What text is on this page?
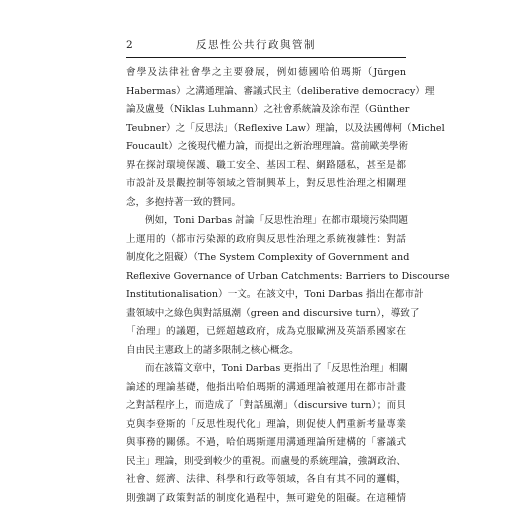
2	反思性公共行政與管制
會學及法律社會學之主要發展，例如德國哈伯瑪斯（Jürgen
Habermas）之溝通理論、審議式民主（deliberative democracy）理
論及盧曼（Niklas Luhmann）之社會系統論及涂布涅（Günther
Teubner）之「反思法」（Reflexive Law）理論，以及法國傅柯（Michel
Foucault）之後現代權力論，而提出之新治理理論。當前歐美學術
界在探討環境保護、職工安全、基因工程、網路隱私，甚至是都
市設計及景觀控制等領域之管制興革上，對反思性治理之相關理
念，多抱持著一致的贊同。
例如，Toni Darbas 討論「反思性治理」在都市環境污染問題
上運用的（都市污染源的政府與反思性治理之系統複雜性：對話
制度化之阻礙）（The System Complexity of Government and
Reflexive Governance of Urban Catchments: Barriers to Discourse
Institutionalisation）一文。在該文中，Toni Darbas 指出在都市計
畫領域中之綠色與對話風潮（green and discursive turn），導致了
「治理」的議題，已經超越政府，成為克服歐洲及英語系國家在
自由民主憲政上的諸多限制之核心概念。
而在該篇文章中，Toni Darbas 更指出了「反思性治理」相關
論述的理論基礎，他指出哈伯瑪斯的溝通理論被運用在都市計畫
之對話程序上，而造成了「對話風潮」（discursive turn）；而貝
克與李登斯的「反思性現代化」理論，則促使人們重新考量專業
與事務的關係。不過，哈伯瑪斯運用溝通理論所建構的「審議式
民主」理論，則受到較少的重視。而盧曼的系統理論，強調政治、
社會、經濟、法律、科學和行政等領域，各自有其不同的邏輯，
則強調了政策對話的制度化過程中，無可避免的阻礙。在這種情
